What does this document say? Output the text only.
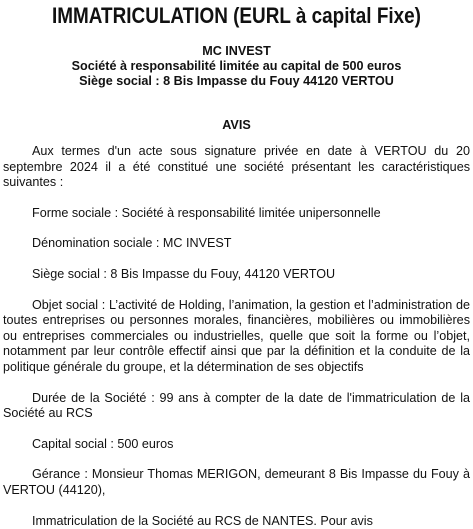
IMMATRICULATION (EURL à capital Fixe)
MC INVEST
Société à responsabilité limitée au capital de 500 euros
Siège social : 8 Bis Impasse du Fouy 44120 VERTOU
AVIS

Aux termes d'un acte sous signature privée en date à VERTOU du 20 septembre 2024 il a été constitué une société présentant les caractéristiques suivantes :

Forme sociale : Société à responsabilité limitée unipersonnelle

Dénomination sociale : MC INVEST

Siège social : 8 Bis Impasse du Fouy, 44120 VERTOU

Objet social : L’activité de Holding, l’animation, la gestion et l’administration de toutes entreprises ou personnes morales, financières, mobilières ou immobilières ou entreprises commerciales ou industrielles, quelle que soit la forme ou l’objet, notamment par leur contrôle effectif ainsi que par la définition et la conduite de la politique générale du groupe, et la détermination de ses objectifs

Durée de la Société : 99 ans à compter de la date de l'immatriculation de la Société au RCS

Capital social : 500 euros

Gérance : Monsieur Thomas MERIGON, demeurant 8 Bis Impasse du Fouy à VERTOU (44120),

Immatriculation de la Société au RCS de NANTES. Pour avis
